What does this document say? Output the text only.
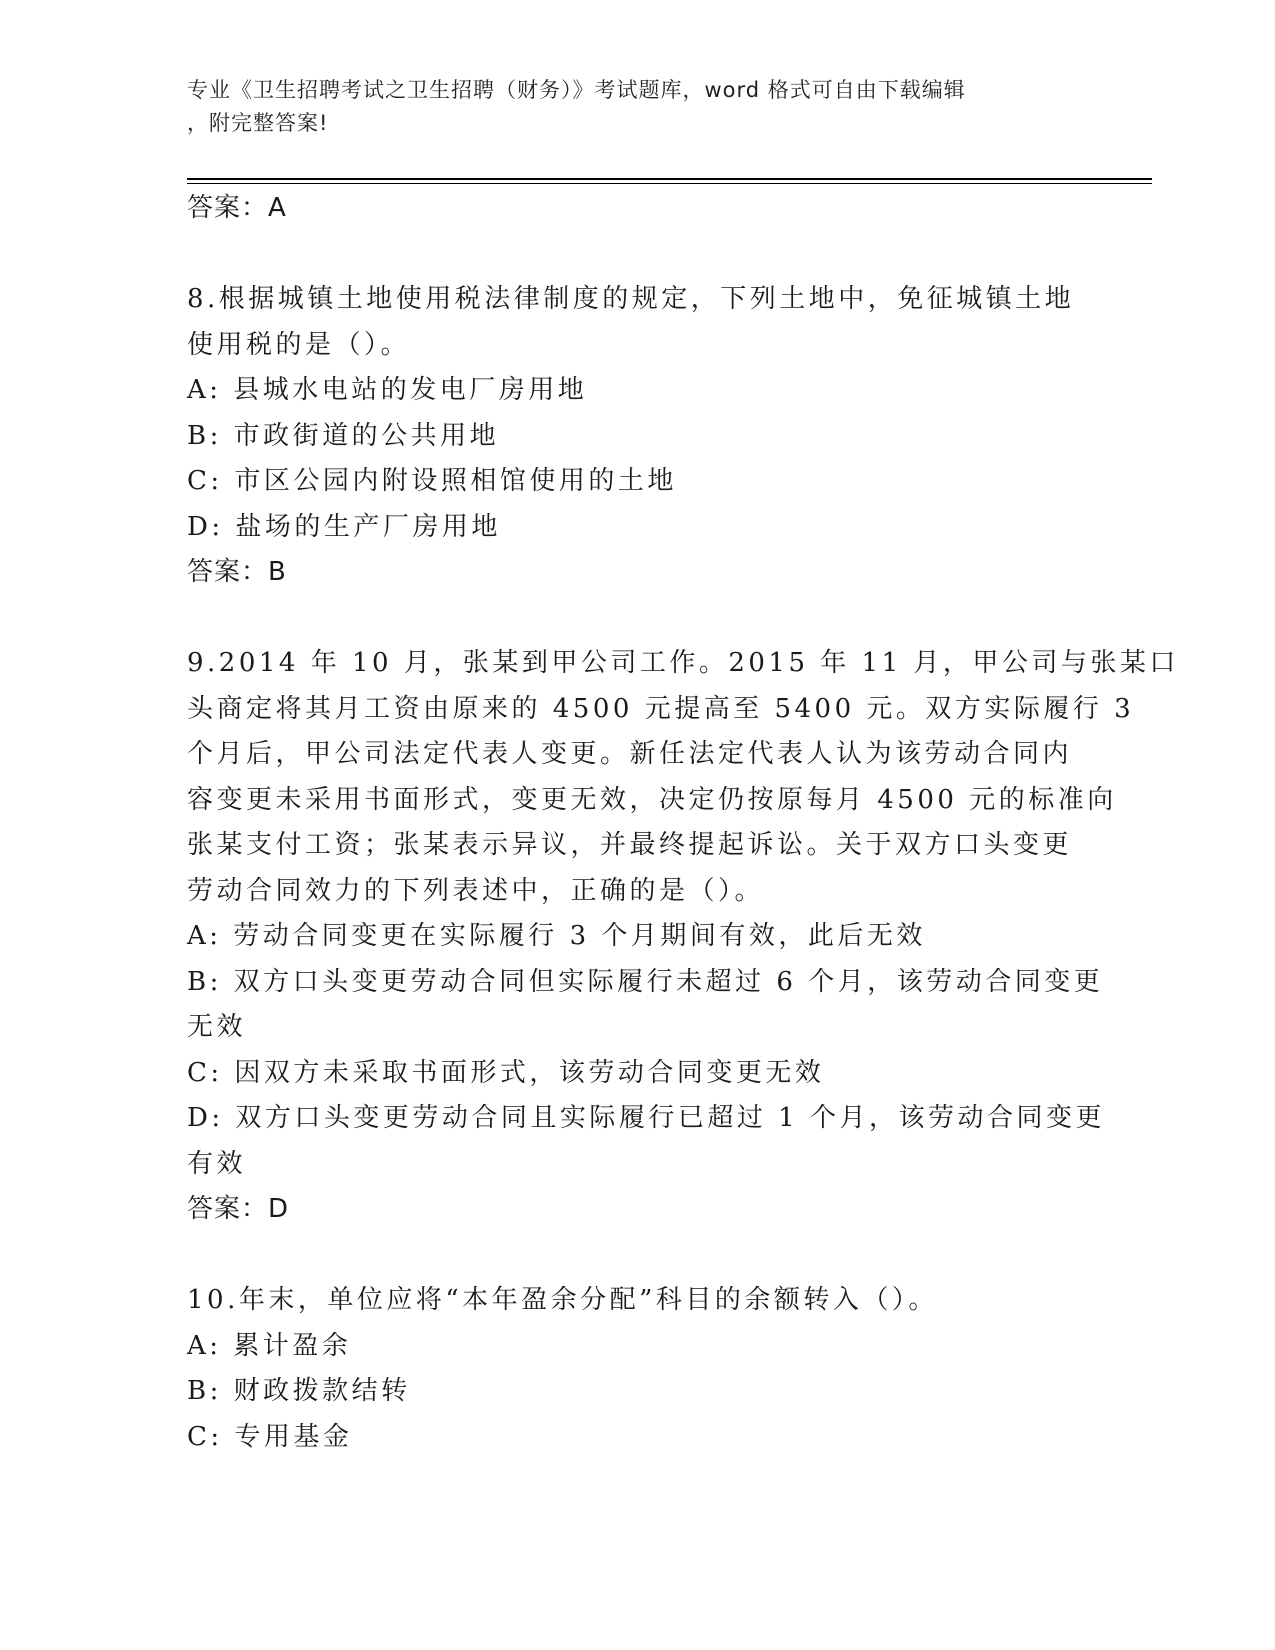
专业《卫生招聘考试之卫生招聘（财务）》考试题库，word 格式可自由下载编辑
，附完整答案!
答案：A
8.根据城镇土地使用税法律制度的规定，下列土地中，免征城镇土地
使用税的是（）。
A: 县城水电站的发电厂房用地
B: 市政街道的公共用地
C: 市区公园内附设照相馆使用的土地
D: 盐场的生产厂房用地
答案：B
9.2014 年 10 月，张某到甲公司工作。2015 年 11 月，甲公司与张某口
头商定将其月工资由原来的 4500 元提高至 5400 元。双方实际履行 3
个月后，甲公司法定代表人变更。新任法定代表人认为该劳动合同内
容变更未采用书面形式，变更无效，决定仍按原每月 4500 元的标准向
张某支付工资；张某表示异议，并最终提起诉讼。关于双方口头变更
劳动合同效力的下列表述中，正确的是（）。
A: 劳动合同变更在实际履行 3 个月期间有效，此后无效
B: 双方口头变更劳动合同但实际履行未超过 6 个月，该劳动合同变更
无效
C: 因双方未采取书面形式，该劳动合同变更无效
D: 双方口头变更劳动合同且实际履行已超过 1 个月，该劳动合同变更
有效
答案：D
10.年末，单位应将“本年盈余分配”科目的余额转入（）。
A: 累计盈余
B: 财政拨款结转
C: 专用基金
